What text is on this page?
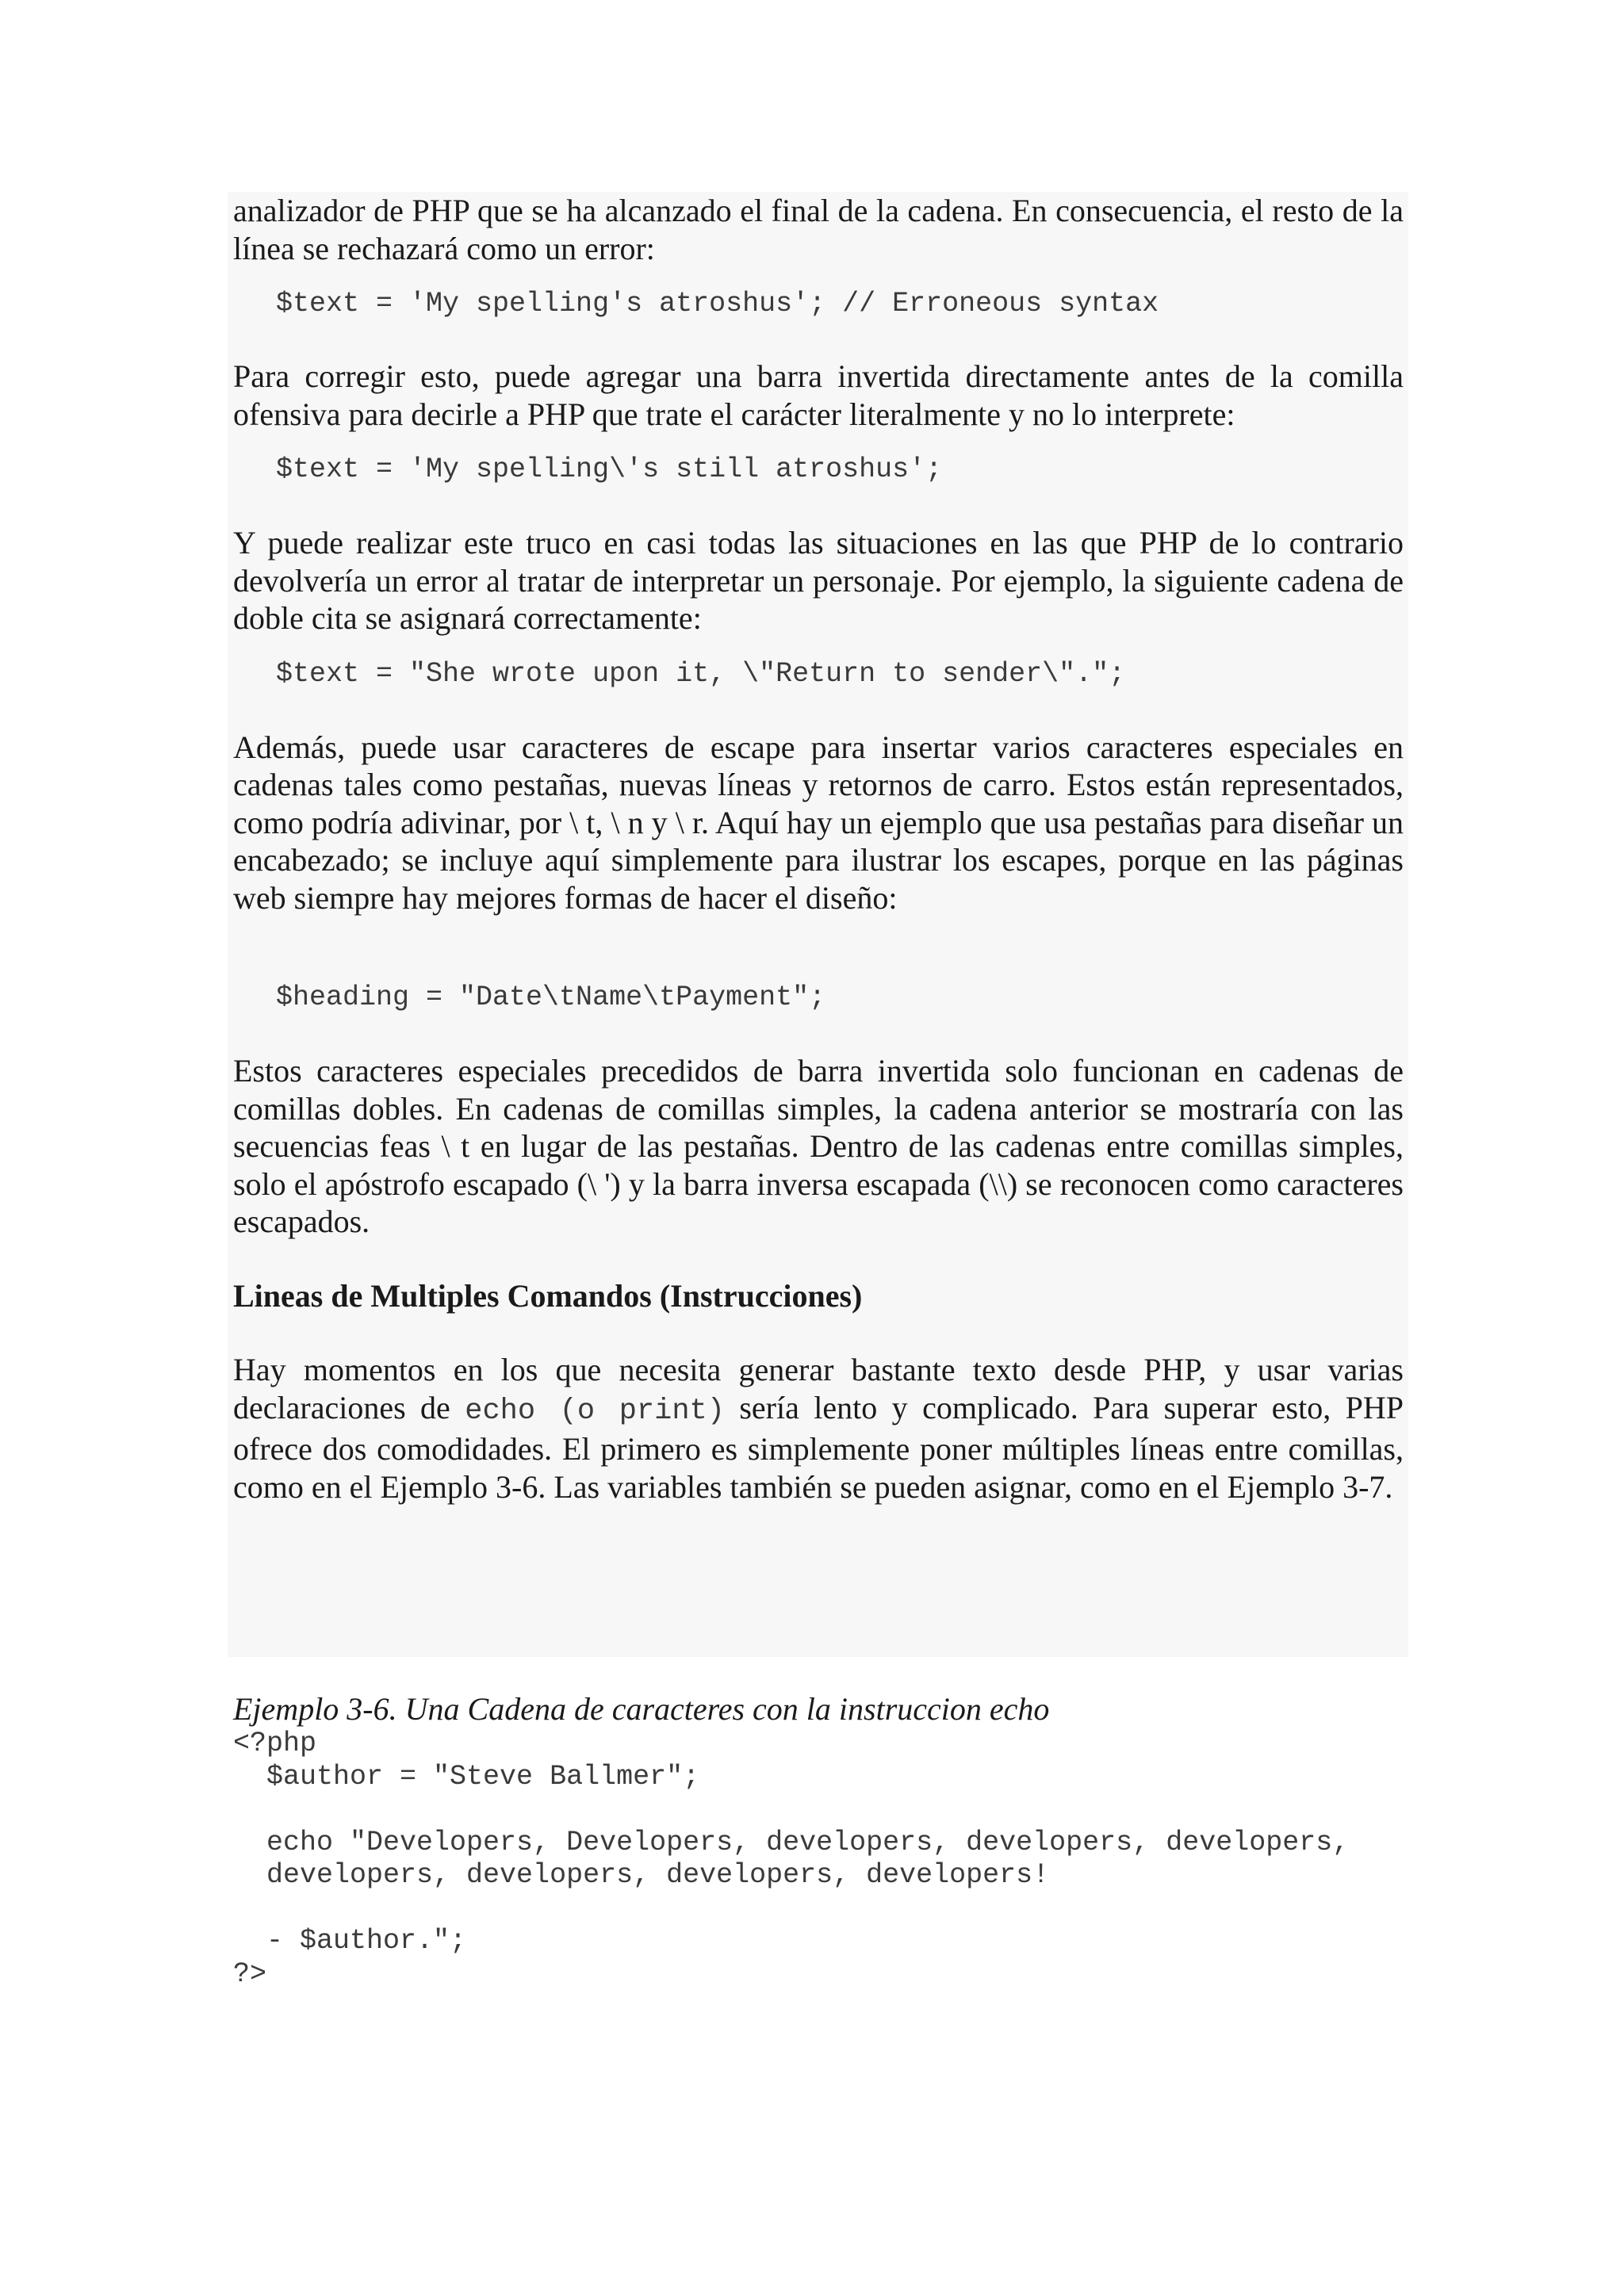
analizador de PHP que se ha alcanzado el final de la cadena. En consecuencia, el resto de la línea se rechazará como un error:

$text = 'My spelling's atroshus'; // Erroneous syntax

Para corregir esto, puede agregar una barra invertida directamente antes de la comilla ofensiva para decirle a PHP que trate el carácter literalmente y no lo interprete:

$text = 'My spelling\'s still atroshus';

Y puede realizar este truco en casi todas las situaciones en las que PHP de lo contrario devolvería un error al tratar de interpretar un personaje. Por ejemplo, la siguiente cadena de doble cita se asignará correctamente:

$text = "She wrote upon it, \"Return to sender\".";

Además, puede usar caracteres de escape para insertar varios caracteres especiales en cadenas tales como pestañas, nuevas líneas y retornos de carro. Estos están representados, como podría adivinar, por \ t, \ n y \ r. Aquí hay un ejemplo que usa pestañas para diseñar un encabezado; se incluye aquí simplemente para ilustrar los escapes, porque en las páginas web siempre hay mejores formas de hacer el diseño:

$heading = "Date\tName\tPayment";

Estos caracteres especiales precedidos de barra invertida solo funcionan en cadenas de comillas dobles. En cadenas de comillas simples, la cadena anterior se mostraría con las secuencias feas \ t en lugar de las pestañas. Dentro de las cadenas entre comillas simples, solo el apóstrofo escapado (\ ') y la barra inversa escapada (\\) se reconocen como caracteres escapados.

Lineas de Multiples Comandos (Instrucciones)

Hay momentos en los que necesita generar bastante texto desde PHP, y usar varias declaraciones de echo (o print) sería lento y complicado. Para superar esto, PHP ofrece dos comodidades. El primero es simplemente poner múltiples líneas entre comillas, como en el Ejemplo 3-6. Las variables también se pueden asignar, como en el Ejemplo 3-7.

Ejemplo 3-6. Una Cadena de caracteres con la instruccion echo

<?php
$author = "Steve Ballmer";

echo "Developers, Developers, developers, developers, developers,
developers, developers, developers, developers!

- $author.";
?>
